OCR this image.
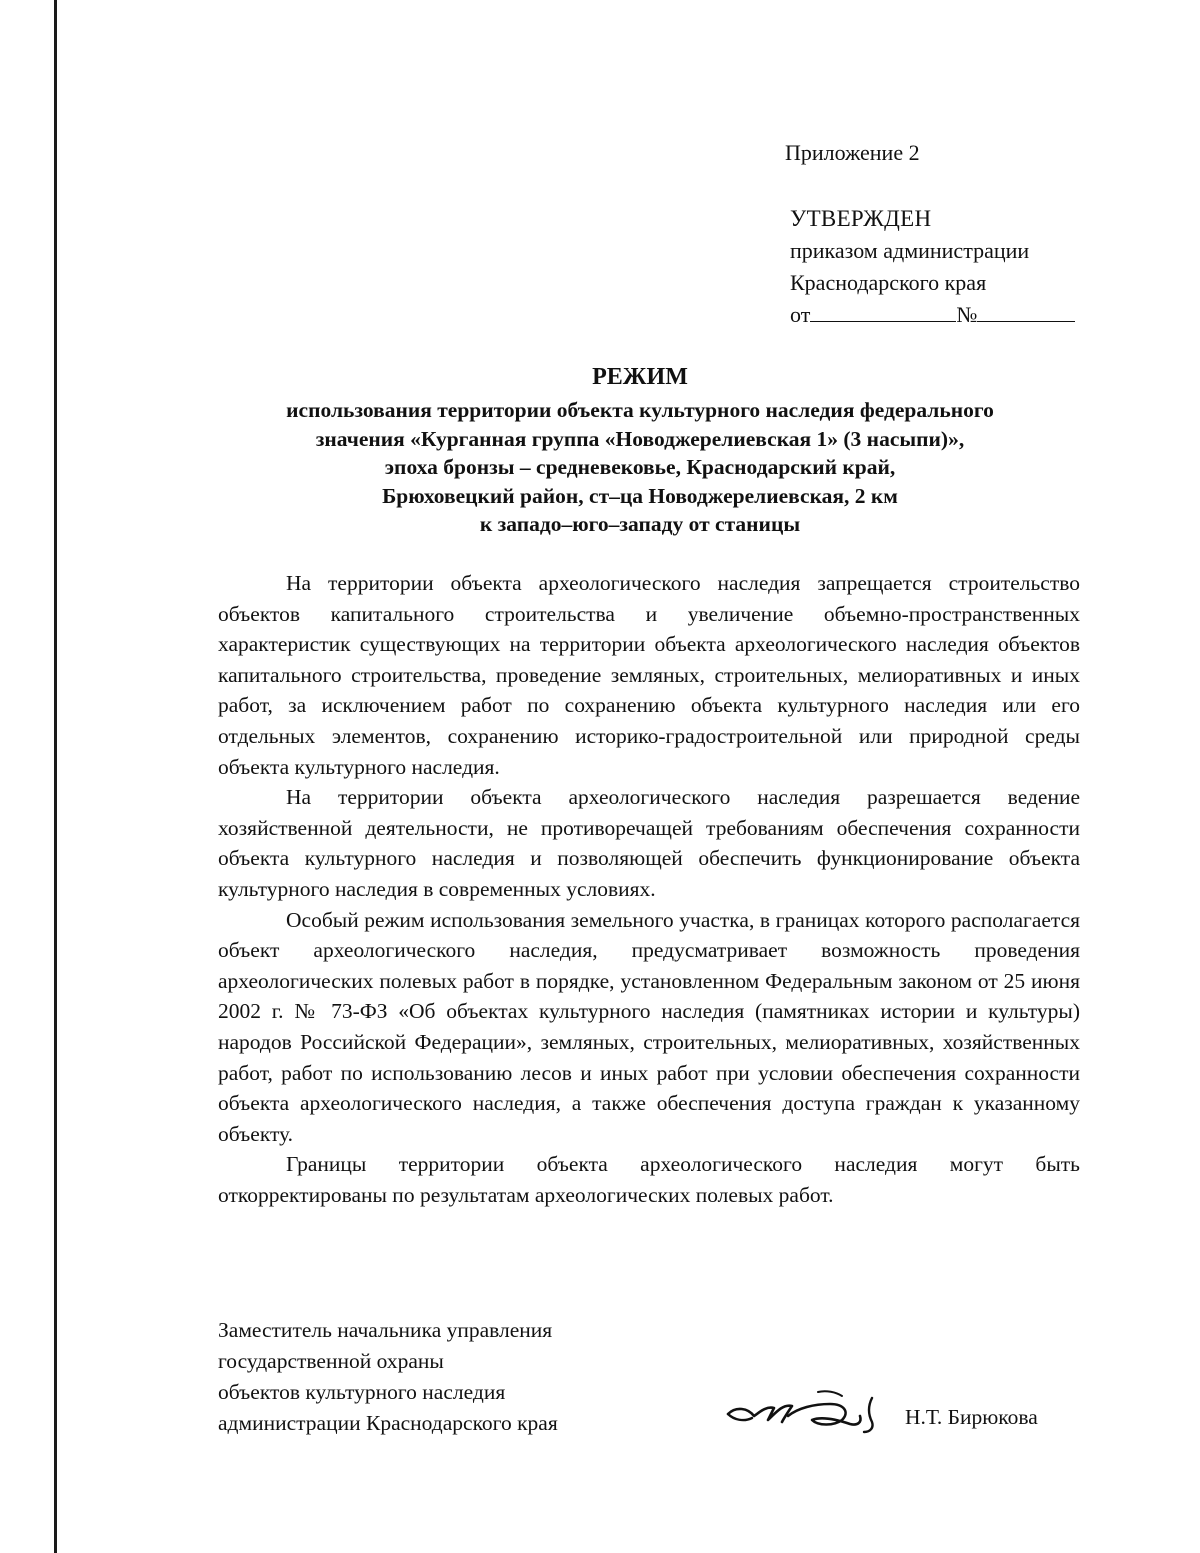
Приложение 2
УТВЕРЖДЕН
приказом администрации
Краснодарского края
от	№
РЕЖИМ
использования территории объекта культурного наследия федерального
значения «Курганная группа «Новоджерелиевская 1» (3 насыпи)»,
эпоха бронзы – средневековье, Краснодарский край,
Брюховецкий район, ст–ца Новоджерелиевская, 2 км
к западо–юго–западу от станицы

На территории объекта археологического наследия запрещается строительство объектов капитального строительства и увеличение объемно-пространственных характеристик существующих на территории объекта археологического наследия объектов капитального строительства, проведение земляных, строительных, мелиоративных и иных работ, за исключением работ по сохранению объекта культурного наследия или его отдельных элементов, сохранению историко-градостроительной или природной среды объекта культурного наследия.

На территории объекта археологического наследия разрешается ведение хозяйственной деятельности, не противоречащей требованиям обеспечения сохранности объекта культурного наследия и позволяющей обеспечить функционирование объекта культурного наследия в современных условиях.

Особый режим использования земельного участка, в границах которого располагается объект археологического наследия, предусматривает возможность проведения археологических полевых работ в порядке, установленном Федеральным законом от 25 июня 2002 г. № 73-ФЗ «Об объектах культурного наследия (памятниках истории и культуры) народов Российской Федерации», земляных, строительных, мелиоративных, хозяйственных работ, работ по использованию лесов и иных работ при условии обеспечения сохранности объекта археологического наследия, а также обеспечения доступа граждан к указанному объекту.

Границы территории объекта археологического наследия могут быть откорректированы по результатам археологических полевых работ.

Заместитель начальника управления
государственной охраны
объектов культурного наследия
администрации Краснодарского края	Н.Т. Бирюкова
